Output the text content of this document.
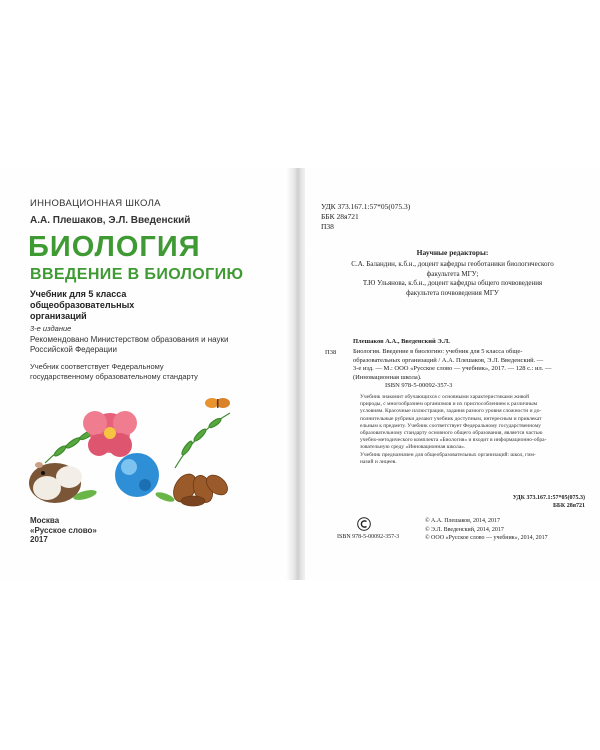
ИННОВАЦИОННАЯ ШКОЛА
А.А. Плешаков, Э.Л. Введенский
БИОЛОГИЯ
ВВЕДЕНИЕ В БИОЛОГИЮ
Учебник для 5 класса
общеобразовательных
организаций
3-е издание
Рекомендовано Министерством образования и науки
Российской Федерации
Учебник соответствует Федеральному
государственному образовательному стандарту
Москва
«Русское слово»
2017
УДК 373.167.1:57*05(075.3)
ББК 28я721
П38
Научные редакторы:
С.А. Баландин, к.б.н., доцент кафедры геоботаники биологического
факультета МГУ;
Т.Ю Ульянова, к.б.н., доцент кафедры общего почвоведения
факультета почвоведения МГУ
Плешаков А.А., Введенский Э.Л.
П38	Биология. Введение в биологию: учебник для 5 класса обще-
образовательных организаций / А.А. Плешаков, Э.Л. Введенский. —
3-е изд. — М.: ООО «Русское слово — учебник», 2017. — 128 с.: ил. —
(Инновационная школа).
ISBN 978-5-00092-357-3
Учебник знакомит обучающихся с основными характеристиками живой
природы, с многообразием организмов и их приспособлением к различным
условиям. Красочные иллюстрации, задания разного уровня сложности и до-
полнительные рубрики делают учебник доступным, интересным и привлекат
ельным к предмету. Учебник соответствует Федеральному государственному
образовательному стандарту основного общего образования, является частью
учебно-методического комплекта «Биология» и входит в информационно-обра-
зовательную среду «Инновационная школа».
Учебник предназначен для общеобразовательных организаций: школ, гим-
назий и лицеев.
УДК 373.167.1:57*05(075.3)
ББК 28я721
ISBN 978-5-00092-357-3
© А.А. Плешаков, 2014, 2017
© Э.Л. Введенский, 2014, 2017
© ООО «Русское слово — учебник», 2014, 2017
